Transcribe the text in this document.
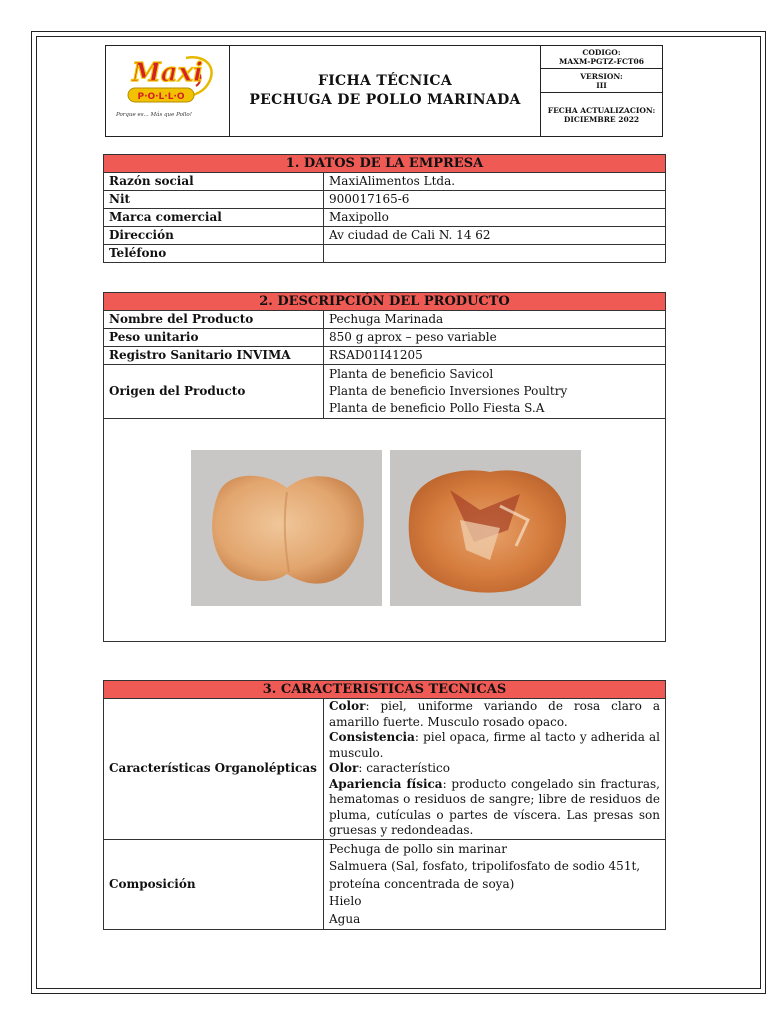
Maxi
P·O·L·L·O
Porque es... Más que Pollo!
FICHA TÉCNICA
PECHUGA DE POLLO MARINADA
CODIGO:
MAXM-PGTZ-FCT06
VERSION:
III
FECHA ACTUALIZACION:
DICIEMBRE 2022
1. DATOS DE LA EMPRESA	
Razón social	MaxiAlimentos Ltda.
Nit	900017165-6
Marca comercial	Maxipollo
Dirección	Av ciudad de Cali N. 14 62
Teléfono	
2. DESCRIPCIÓN DEL PRODUCTO	
Nombre del Producto	Pechuga Marinada
Peso unitario	850 g aprox – peso variable
Registro Sanitario INVIMA	RSAD01I41205
Origen del Producto	Planta de beneficio Savicol
Planta de beneficio Inversiones Poultry
Planta de beneficio Pollo Fiesta S.A

3. CARACTERISTICAS TECNICAS	
Características Organolépticas	Color: piel, uniforme variando de rosa claro a amarillo fuerte. Musculo rosado opaco.
Consistencia: piel opaca, firme al tacto y adherida al musculo.
Olor: característico
Apariencia física: producto congelado sin fracturas, hematomas o residuos de sangre; libre de residuos de pluma, cutículas o partes de víscera. Las presas son gruesas y redondeadas.

Composición	Pechuga de pollo sin marinar
Salmuera (Sal, fosfato, tripolifosfato de sodio 451t, proteína concentrada de soya)
Hielo
Agua
